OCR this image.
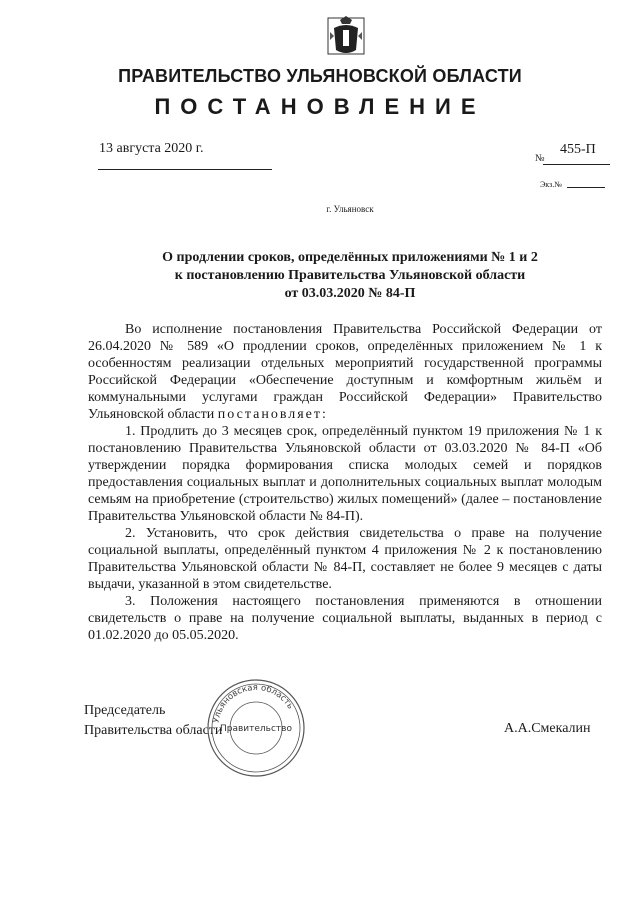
ПРАВИТЕЛЬСТВО УЛЬЯНОВСКОЙ ОБЛАСТИ
ПОСТАНОВЛЕНИЕ
13 августа 2020 г.
№
455-П
Экз.№
г. Ульяновск
О продлении сроков, определённых приложениями № 1 и 2
к постановлению Правительства Ульяновской области
от 03.03.2020 № 84-П

Во исполнение постановления Правительства Российской Федерации от 26.04.2020 № 589 «О продлении сроков, определённых приложением № 1 к особенностям реализации отдельных мероприятий государственной программы Российской Федерации «Обеспечение доступным и комфортным жильём и коммунальными услугами граждан Российской Федерации» Правительство Ульяновской области постановляет:

1. Продлить до 3 месяцев срок, определённый пунктом 19 приложения № 1 к постановлению Правительства Ульяновской области от 03.03.2020 № 84-П «Об утверждении порядка формирования списка молодых семей и порядков предоставления социальных выплат и дополнительных социальных выплат молодым семьям на приобретение (строительство) жилых помещений» (далее – постановление Правительства Ульяновской области № 84-П).

2. Установить, что срок действия свидетельства о праве на получение социальной выплаты, определённый пунктом 4 приложения № 2 к постановлению Правительства Ульяновской области № 84-П, составляет не более 9 месяцев с даты выдачи, указанной в этом свидетельстве.

3. Положения настоящего постановления применяются в отношении свидетельств о праве на получение социальной выплаты, выданных в период с 01.02.2020 до 05.05.2020.

Председатель
Правительства области	А.А.Смекалин
Ульяновская область
Правительство
